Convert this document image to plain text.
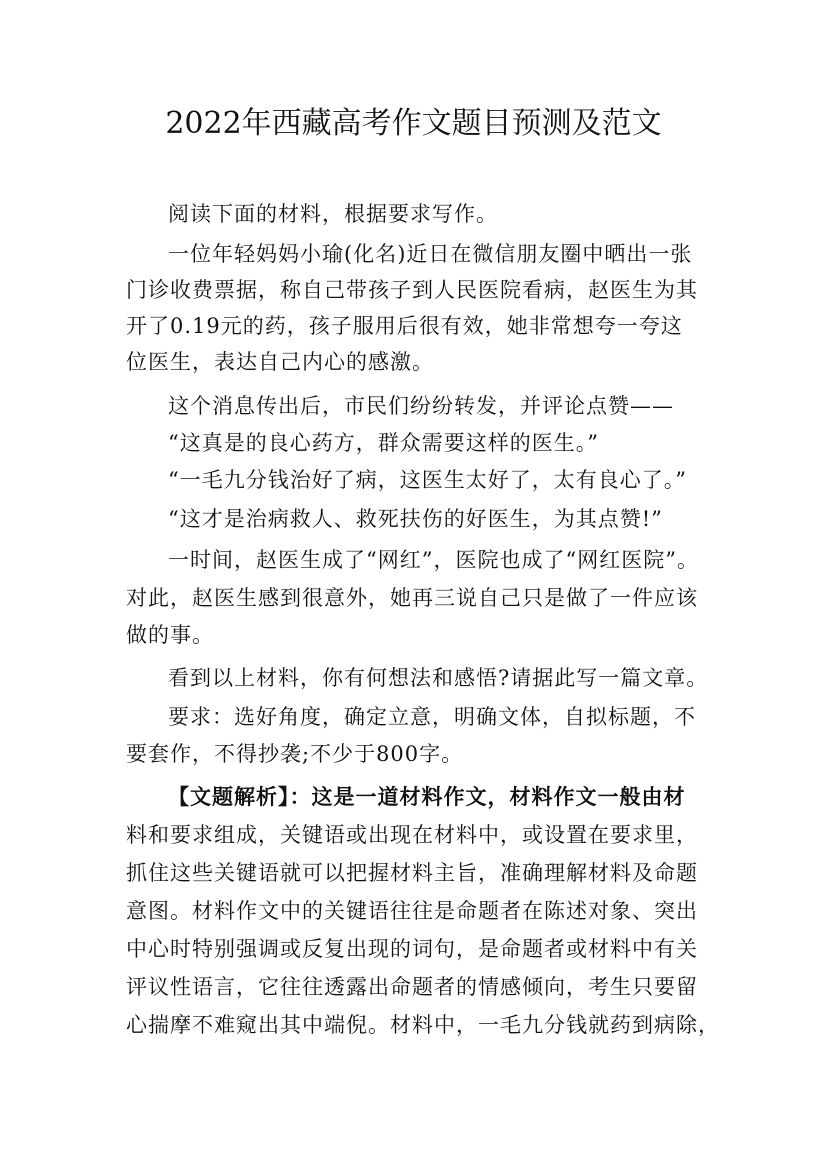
2022年西藏高考作文题目预测及范文
阅读下面的材料，根据要求写作。
一位年轻妈妈小瑜(化名)近日在微信朋友圈中晒出一张
门诊收费票据，称自己带孩子到人民医院看病，赵医生为其
开了0.19元的药，孩子服用后很有效，她非常想夸一夸这
位医生，表达自己内心的感激。
这个消息传出后，市民们纷纷转发，并评论点赞——
“这真是的良心药方，群众需要这样的医生。”
“一毛九分钱治好了病，这医生太好了，太有良心了。”
“这才是治病救人、救死扶伤的好医生，为其点赞!”
一时间，赵医生成了“网红”，医院也成了“网红医院”。
对此，赵医生感到很意外，她再三说自己只是做了一件应该
做的事。
看到以上材料，你有何想法和感悟?请据此写一篇文章。
要求：选好角度，确定立意，明确文体，自拟标题，不
要套作，不得抄袭;不少于800字。
【文题解析】：这是一道材料作文，材料作文一般由材
料和要求组成，关键语或出现在材料中，或设置在要求里，
抓住这些关键语就可以把握材料主旨，准确理解材料及命题
意图。材料作文中的关键语往往是命题者在陈述对象、突出
中心时特别强调或反复出现的词句，是命题者或材料中有关
评议性语言，它往往透露出命题者的情感倾向，考生只要留
心揣摩不难窥出其中端倪。材料中，一毛九分钱就药到病除，
